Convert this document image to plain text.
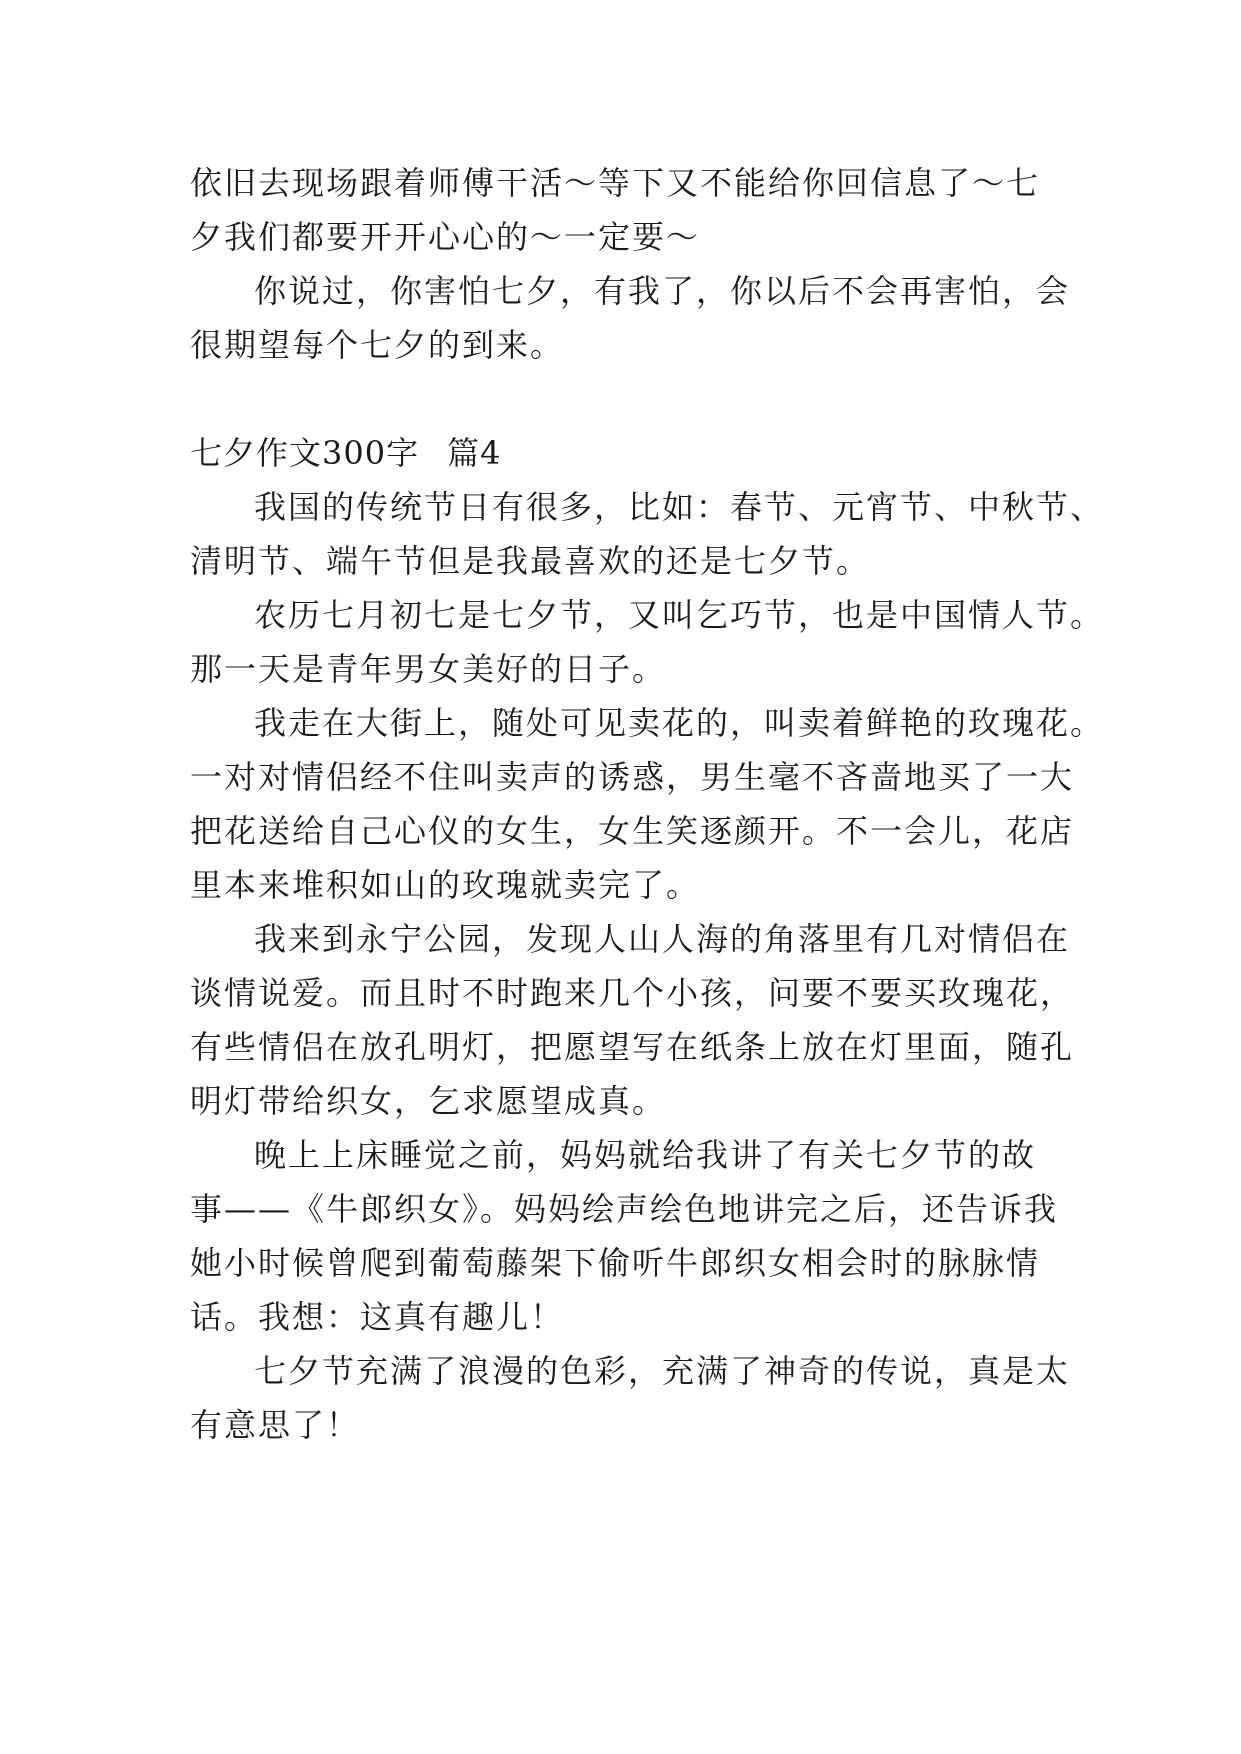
依旧去现场跟着师傅干活～等下又不能给你回信息了～七
夕我们都要开开心心的～一定要～
你说过，你害怕七夕，有我了，你以后不会再害怕，会
很期望每个七夕的到来。
七夕作文300字 篇4
我国的传统节日有很多，比如：春节、元宵节、中秋节、
清明节、端午节但是我最喜欢的还是七夕节。
农历七月初七是七夕节，又叫乞巧节，也是中国情人节。
那一天是青年男女美好的日子。
我走在大街上，随处可见卖花的，叫卖着鲜艳的玫瑰花。
一对对情侣经不住叫卖声的诱惑，男生毫不吝啬地买了一大
把花送给自己心仪的女生，女生笑逐颜开。不一会儿，花店
里本来堆积如山的玫瑰就卖完了。
我来到永宁公园，发现人山人海的角落里有几对情侣在
谈情说爱。而且时不时跑来几个小孩，问要不要买玫瑰花，
有些情侣在放孔明灯，把愿望写在纸条上放在灯里面，随孔
明灯带给织女，乞求愿望成真。
晚上上床睡觉之前，妈妈就给我讲了有关七夕节的故
事——《牛郎织女》。妈妈绘声绘色地讲完之后，还告诉我
她小时候曾爬到葡萄藤架下偷听牛郎织女相会时的脉脉情
话。我想：这真有趣儿！
七夕节充满了浪漫的色彩，充满了神奇的传说，真是太
有意思了！
